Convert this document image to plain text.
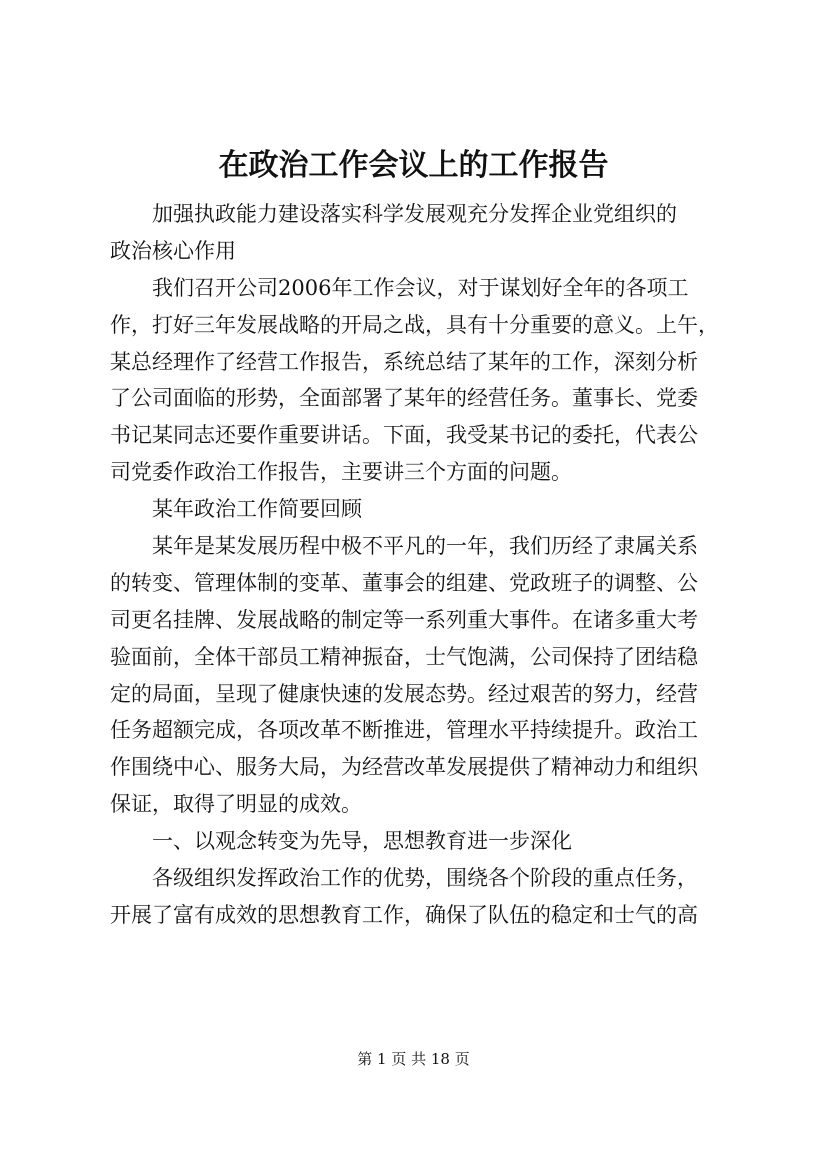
在政治工作会议上的工作报告
加强执政能力建设落实科学发展观充分发挥企业党组织的
政治核心作用
我们召开公司2006年工作会议，对于谋划好全年的各项工
作，打好三年发展战略的开局之战，具有十分重要的意义。上午，
某总经理作了经营工作报告，系统总结了某年的工作，深刻分析
了公司面临的形势，全面部署了某年的经营任务。董事长、党委
书记某同志还要作重要讲话。下面，我受某书记的委托，代表公
司党委作政治工作报告，主要讲三个方面的问题。
某年政治工作简要回顾
某年是某发展历程中极不平凡的一年，我们历经了隶属关系
的转变、管理体制的变革、董事会的组建、党政班子的调整、公
司更名挂牌、发展战略的制定等一系列重大事件。在诸多重大考
验面前，全体干部员工精神振奋，士气饱满，公司保持了团结稳
定的局面，呈现了健康快速的发展态势。经过艰苦的努力，经营
任务超额完成，各项改革不断推进，管理水平持续提升。政治工
作围绕中心、服务大局，为经营改革发展提供了精神动力和组织
保证，取得了明显的成效。
一、以观念转变为先导，思想教育进一步深化
各级组织发挥政治工作的优势，围绕各个阶段的重点任务，
开展了富有成效的思想教育工作，确保了队伍的稳定和士气的高
第 1 页 共 18 页
